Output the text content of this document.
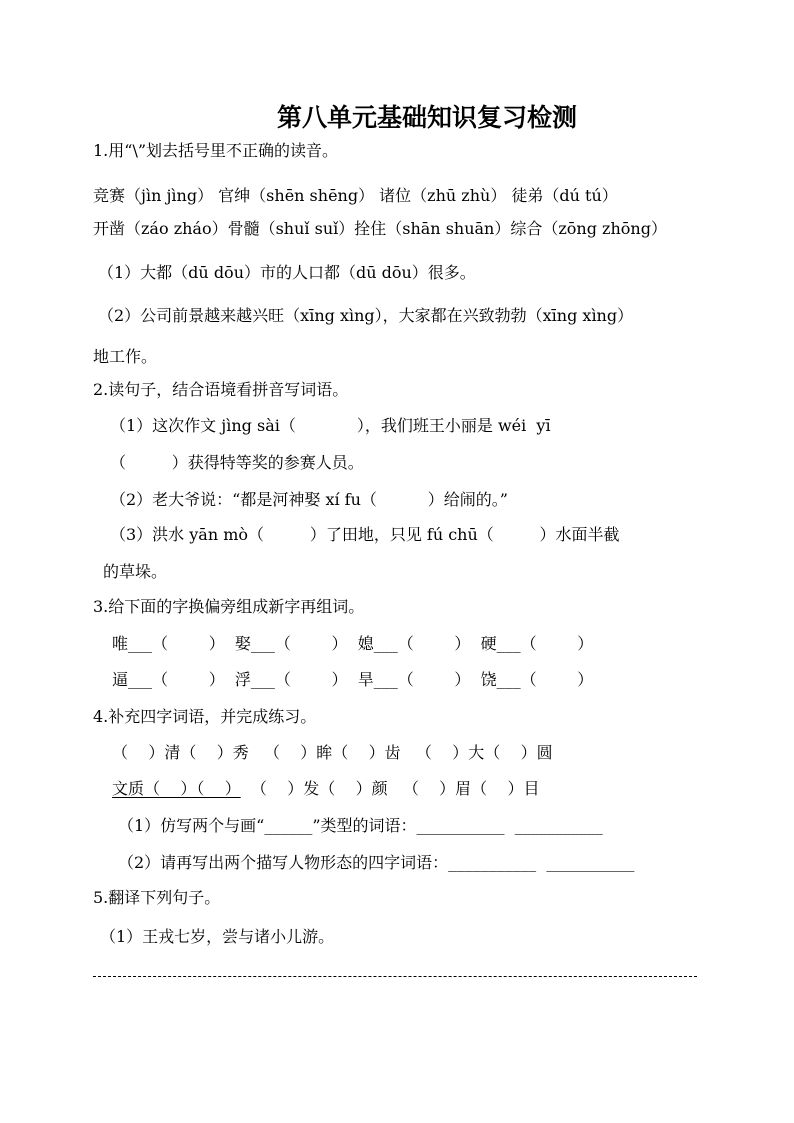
第八单元基础知识复习检测
1.用“\”划去括号里不正确的读音。
竞赛（jìn jìng） 官绅（shēn shēng） 诸位（zhū zhù） 徒弟（dú tú）
开凿（záo zháo）骨髓（shuǐ suǐ）拴住（shān shuān）综合（zōng zhōng）
（1）大都（dū dōu）市的人口都（dū dōu）很多。
（2）公司前景越来越兴旺（xīng xìng），大家都在兴致勃勃（xīng xìng）
地工作。
2.读句子，结合语境看拼音写词语。
（1）这次作文 jìng sài（            ），我们班王小丽是 wéi  yī
（         ）获得特等奖的参赛人员。
（2）老大爷说：“都是河神娶 xí fu（          ）给闹的。”
（3）洪水 yān mò（         ）了田地，只见 fú chū（         ）水面半截
的草垛。
3.给下面的字换偏旁组成新字再组词。
唯___（        ）  娶___（        ）  媳___（        ）  硬___（        ）
逼___（        ）  浮___（        ）  旱___（        ）  饶___（        ）
4.补充四字词语，并完成练习。
（    ）清（    ）秀   （    ）眸（    ）齿   （    ）大（    ）圆
文质（    ）（    ）  （    ）发（    ）颜   （    ）眉（    ）目
（1）仿写两个与画“______”类型的词语：___________  ___________
（2）请再写出两个描写人物形态的四字词语：___________  ___________
5.翻译下列句子。
（1）王戎七岁，尝与诸小儿游。
